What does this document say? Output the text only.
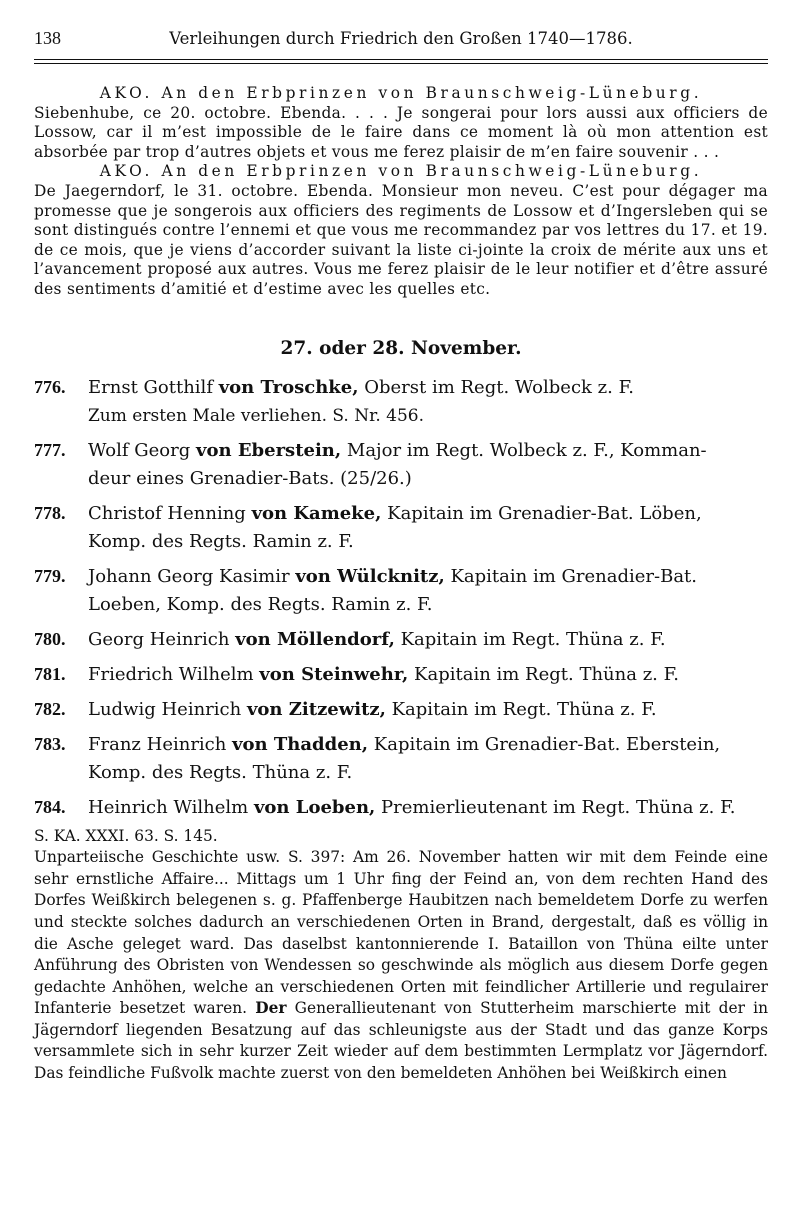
138	Verleihungen durch Friedrich den Großen 1740—1786.

AKO. An den Erbprinzen von Braunschweig-Lüneburg.

Siebenhube, ce 20. octobre. Ebenda. . . . Je songerai pour lors aussi aux officiers de Lossow, car il m’est impossible de le faire dans ce moment là où mon attention est absorbée par trop d’autres objets et vous me ferez plaisir de m’en faire souvenir . . .

AKO. An den Erbprinzen von Braunschweig-Lüneburg.

De Jaegerndorf, le 31. octobre. Ebenda. Monsieur mon neveu. C’est pour dégager ma promesse que je songerois aux officiers des regiments de Lossow et d’Ingersleben qui se sont distingués contre l’ennemi et que vous me recommandez par vos lettres du 17. et 19. de ce mois, que je viens d’accorder suivant la liste ci-jointe la croix de mérite aux uns et l’avancement proposé aux autres. Vous me ferez plaisir de le leur notifier et d’être assuré des sentiments d’amitié et d’estime avec les quelles etc.

27. oder 28. November.
776. Ernst Gotthilf von Troschke, Oberst im Regt. Wolbeck z. F.
Zum ersten Male verliehen. S. Nr. 456.
777. Wolf Georg von Eberstein, Major im Regt. Wolbeck z. F., Komman-
deur eines Grenadier-Bats. (25/26.)
778. Christof Henning von Kameke, Kapitain im Grenadier-Bat. Löben,
Komp. des Regts. Ramin z. F.
779. Johann Georg Kasimir von Wülcknitz, Kapitain im Grenadier-Bat.
Loeben, Komp. des Regts. Ramin z. F.
780. Georg Heinrich von Möllendorf, Kapitain im Regt. Thüna z. F.
781. Friedrich Wilhelm von Steinwehr, Kapitain im Regt. Thüna z. F.
782. Ludwig Heinrich von Zitzewitz, Kapitain im Regt. Thüna z. F.
783. Franz Heinrich von Thadden, Kapitain im Grenadier-Bat. Eberstein,
Komp. des Regts. Thüna z. F.
784. Heinrich Wilhelm von Loeben, Premierlieutenant im Regt. Thüna z. F.

S. KA. XXXI. 63. S. 145.

Unparteiische Geschichte usw. S. 397: Am 26. November hatten wir mit dem Feinde eine sehr ernstliche Affaire... Mittags um 1 Uhr fing der Feind an, von dem rechten Hand des Dorfes Weißkirch belegenen s. g. Pfaffenberge Haubitzen nach bemeldetem Dorfe zu werfen und steckte solches dadurch an verschiedenen Orten in Brand, dergestalt, daß es völlig in die Asche geleget ward. Das daselbst kantonnierende I. Bataillon von Thüna eilte unter Anführung des Obristen von Wendessen so geschwinde als möglich aus diesem Dorfe gegen gedachte Anhöhen, welche an verschiedenen Orten mit feindlicher Artillerie und regulairer Infanterie besetzet waren. Der Generallieutenant von Stutterheim marschierte mit der in Jägerndorf liegenden Besatzung auf das schleunigste aus der Stadt und das ganze Korps versammlete sich in sehr kurzer Zeit wieder auf dem bestimmten Lermplatz vor Jägerndorf. Das feindliche Fußvolk machte zuerst von den bemeldeten Anhöhen bei Weißkirch einen
